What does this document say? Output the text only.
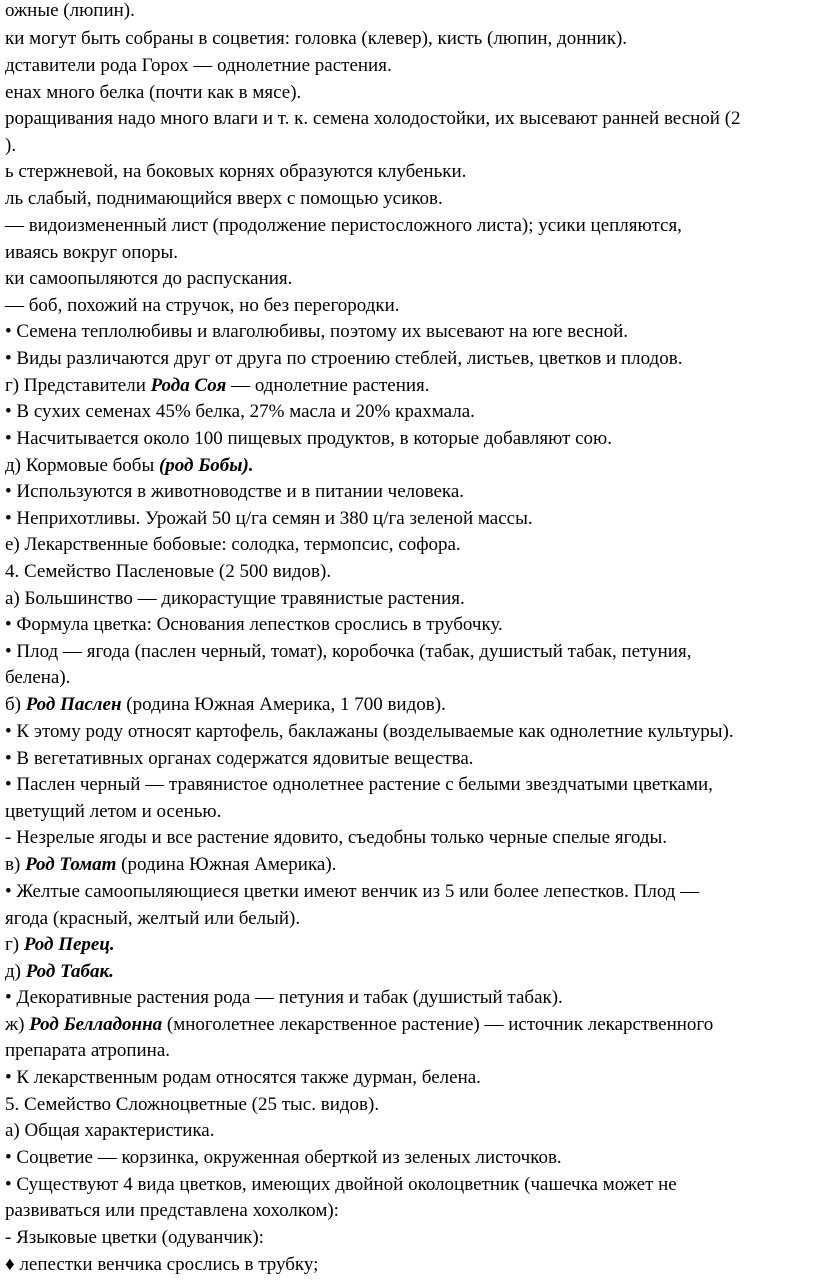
ожные (люпин).
ки могут быть собраны в соцветия: головка (клевер), кисть (люпин, донник).
дставители рода Горох — однолетние растения.
енах много белка (почти как в мясе).
роращивания надо много влаги и т. к. семена холодостойки, их высевают ранней весной (2
).
ь стержневой, на боковых корнях образуются клубеньки.
ль слабый, поднимающийся вверх с помощью усиков.
— видоизмененный лист (продолжение перистосложного листа); усики цепляются,
иваясь вокруг опоры.
ки самоопыляются до распускания.
— боб, похожий на стручок, но без перегородки.
• Семена теплолюбивы и влаголюбивы, поэтому их высевают на юге весной.
• Виды различаются друг от друга по строению стеблей, листьев, цветков и плодов.
г) Представители Рода Соя — однолетние растения.
• В сухих семенах 45% белка, 27% масла и 20% крахмала.
• Насчитывается около 100 пищевых продуктов, в которые добавляют сою.
д) Кормовые бобы (род Бобы).
• Используются в животноводстве и в питании человека.
• Неприхотливы. Урожай 50 ц/га семян и 380 ц/га зеленой массы.
е) Лекарственные бобовые: солодка, термопсис, софора.
4. Семейство Пасленовые (2 500 видов).
а) Большинство — дикорастущие травянистые растения.
• Формула цветка: Основания лепестков срослись в трубочку.
• Плод — ягода (паслен черный, томат), коробочка (табак, душистый табак, петуния,
белена).
б) Род Паслен (родина Южная Америка, 1 700 видов).
• К этому роду относят картофель, баклажаны (возделываемые как однолетние культуры).
• В вегетативных органах содержатся ядовитые вещества.
• Паслен черный — травянистое однолетнее растение с белыми звездчатыми цветками,
цветущий летом и осенью.
- Незрелые ягоды и все растение ядовито, съедобны только черные спелые ягоды.
в) Род Томат (родина Южная Америка).
• Желтые самоопыляющиеся цветки имеют венчик из 5 или более лепестков. Плод —
ягода (красный, желтый или белый).
г) Род Перец.
д) Род Табак.
• Декоративные растения рода — петуния и табак (душистый табак).
ж) Род Белладонна (многолетнее лекарственное растение) — источник лекарственного
препарата атропина.
• К лекарственным родам относятся также дурман, белена.
5. Семейство Сложноцветные (25 тыс. видов).
а) Общая характеристика.
• Соцветие — корзинка, окруженная оберткой из зеленых листочков.
• Существуют 4 вида цветков, имеющих двойной околоцветник (чашечка может не
развиваться или представлена хохолком):
- Языковые цветки (одуванчик):
♦ лепестки венчика срослись в трубку;
